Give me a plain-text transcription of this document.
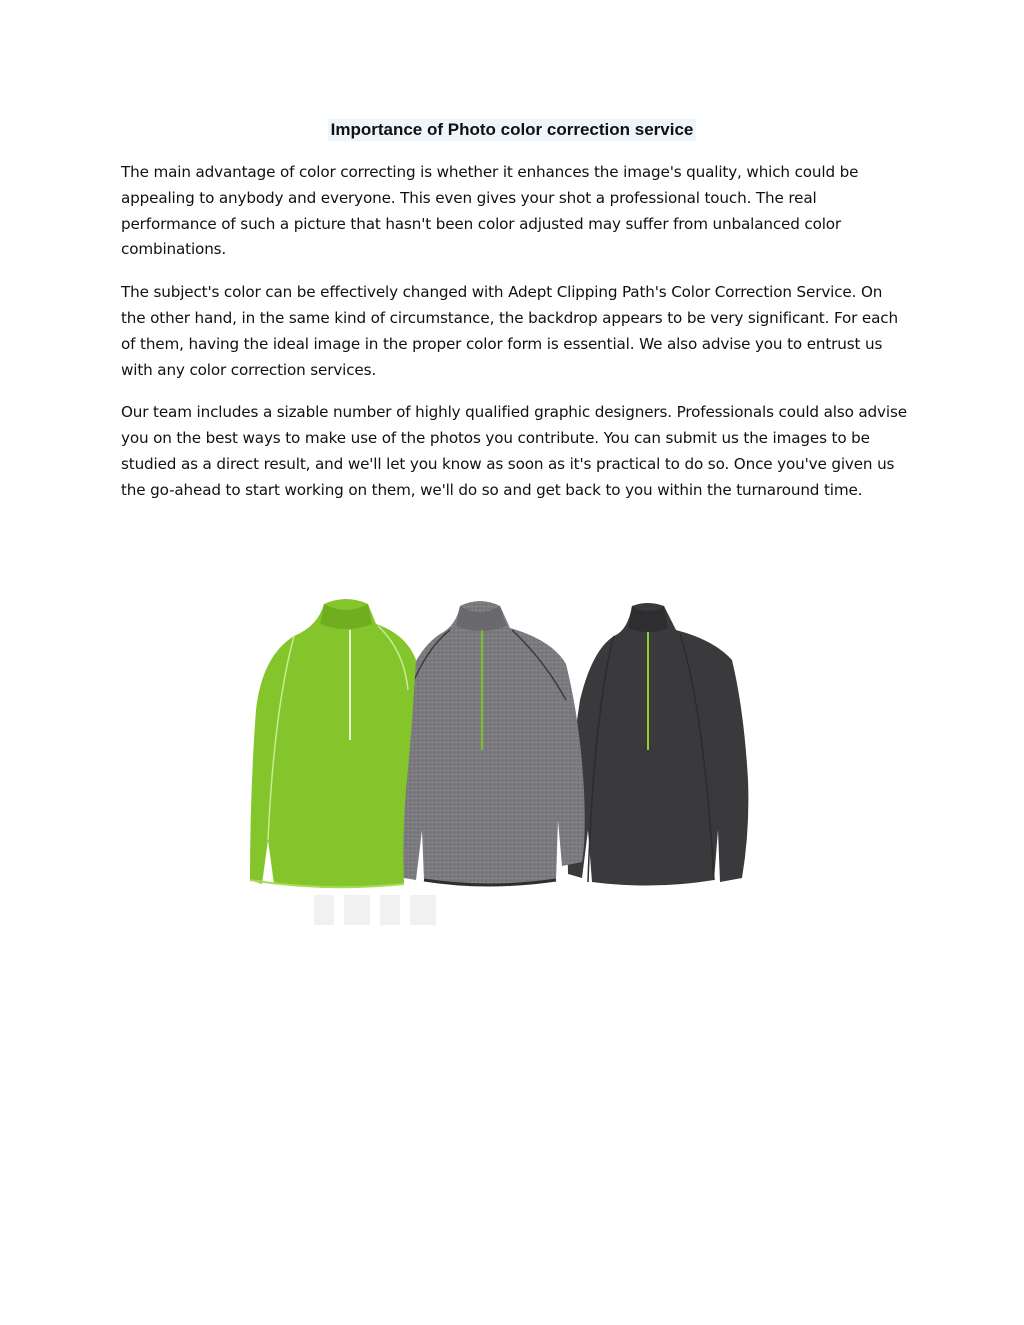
Importance of Photo color correction service

The main advantage of color correcting is whether it enhances the image's quality, which could be appealing to anybody and everyone. This even gives your shot a professional touch. The real performance of such a picture that hasn't been color adjusted may suffer from unbalanced color combinations.

The subject's color can be effectively changed with Adept Clipping Path's Color Correction Service. On the other hand, in the same kind of circumstance, the backdrop appears to be very significant. For each of them, having the ideal image in the proper color form is essential. We also advise you to entrust us with any color correction services.

Our team includes a sizable number of highly qualified graphic designers. Professionals could also advise you on the best ways to make use of the photos you contribute. You can submit us the images to be studied as a direct result, and we'll let you know as soon as it's practical to do so. Once you've given us the go-ahead to start working on them, we'll do so and get back to you within the turnaround time.
